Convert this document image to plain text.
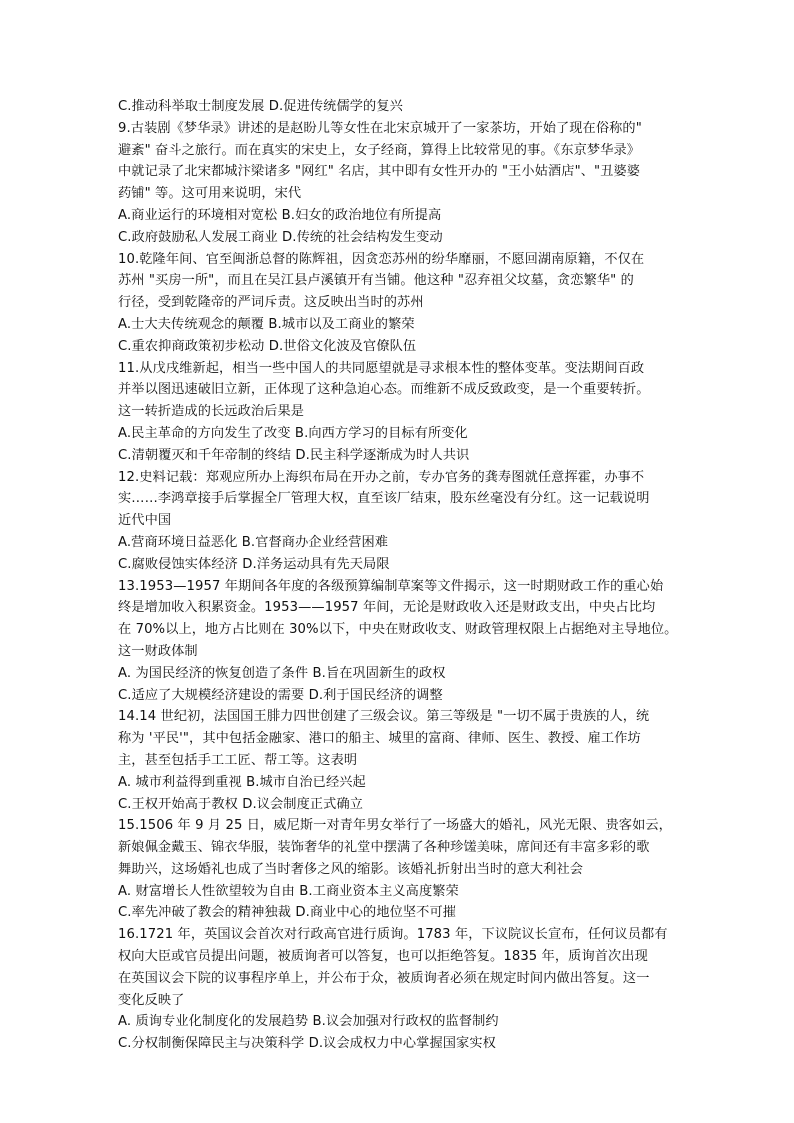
C.推动科举取士制度发展 D.促进传统儒学的复兴
9.古装剧《梦华录》讲述的是赵盼儿等女性在北宋京城开了一家茶坊，开始了现在俗称的"
避紊" 奋斗之旅行。而在真实的宋史上，女子经商，算得上比较常见的事。《东京梦华录》
中就记录了北宋都城汴梁诸多 "网红" 名店，其中即有女性开办的 "王小姑酒店"、"丑婆婆
药铺" 等。这可用来说明，宋代
A.商业运行的环境相对宽松 B.妇女的政治地位有所提高
C.政府鼓励私人发展工商业 D.传统的社会结构发生变动
10.乾隆年间、官至闽浙总督的陈辉祖，因贪恋苏州的纷华靡丽，不愿回湖南原籍，不仅在
苏州 "买房一所"，而且在吴江县卢溪镇开有当铺。他这种 "忍弃祖父坟墓，贪恋繁华" 的
行径，受到乾隆帝的严词斥责。这反映出当时的苏州
A.士大夫传统观念的颠覆 B.城市以及工商业的繁荣
C.重农抑商政策初步松动 D.世俗文化波及官僚队伍
11.从戊戌维新起，相当一些中国人的共同愿望就是寻求根本性的整体变革。变法期间百政
并举以图迅速破旧立新，正体现了这种急迫心态。而维新不成反致政变，是一个重要转折。
这一转折造成的长远政治后果是
A.民主革命的方向发生了改变 B.向西方学习的目标有所变化
C.清朝覆灭和千年帝制的终结 D.民主科学逐渐成为时人共识
12.史料记载：郑观应所办上海织布局在开办之前，专办官务的龚寿图就任意挥霍，办事不
实……李鸿章接手后掌握全厂管理大权，直至该厂结束，股东丝毫没有分红。这一记载说明
近代中国
A.营商环境日益恶化 B.官督商办企业经营困难
C.腐败侵蚀实体经济 D.洋务运动具有先天局限
13.1953—1957 年期间各年度的各级预算编制草案等文件揭示，这一时期财政工作的重心始
终是增加收入积累资金。1953——1957 年间，无论是财政收入还是财政支出，中央占比均
在 70%以上，地方占比则在 30%以下，中央在财政收支、财政管理权限上占据绝对主导地位。
这一财政体制
A. 为国民经济的恢复创造了条件 B.旨在巩固新生的政权
C.适应了大规模经济建设的需要 D.利于国民经济的调整
14.14 世纪初，法国国王腓力四世创建了三级会议。第三等级是 "一切不属于贵族的人，统
称为 '平民'"，其中包括金融家、港口的船主、城里的富商、律师、医生、教授、雇工作坊
主，甚至包括手工工匠、帮工等。这表明
A. 城市利益得到重视 B.城市自治已经兴起
C.王权开始高于教权 D.议会制度正式确立
15.1506 年 9 月 25 日，威尼斯一对青年男女举行了一场盛大的婚礼，风光无限、贵客如云，
新娘佩金戴玉、锦衣华服，装饰奢华的礼堂中摆满了各种珍馐美味，席间还有丰富多彩的歌
舞助兴，这场婚礼也成了当时奢侈之风的缩影。该婚礼折射出当时的意大利社会
A. 财富增长人性欲望较为自由 B.工商业资本主义高度繁荣
C.率先冲破了教会的精神独裁 D.商业中心的地位坚不可摧
16.1721 年，英国议会首次对行政高官进行质询。1783 年，下议院议长宣布，任何议员都有
权向大臣或官员提出问题，被质询者可以答复，也可以拒绝答复。1835 年，质询首次出现
在英国议会下院的议事程序单上，并公布于众，被质询者必须在规定时间内做出答复。这一
变化反映了
A. 质询专业化制度化的发展趋势 B.议会加强对行政权的监督制约
C.分权制衡保障民主与决策科学 D.议会成权力中心掌握国家实权
